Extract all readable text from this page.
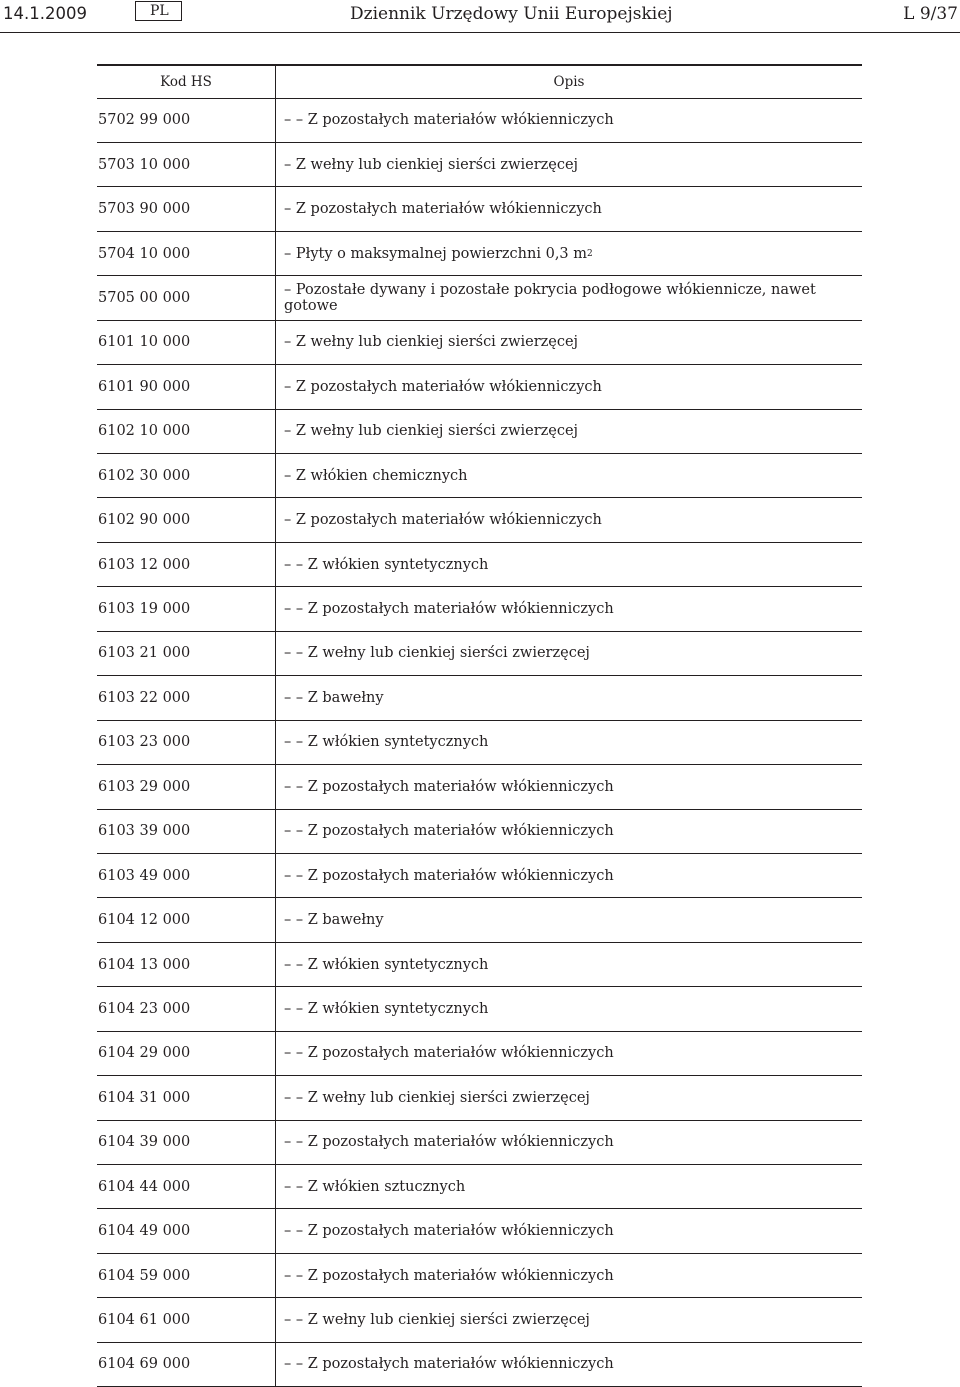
14.1.2009	PL	Dziennik Urzędowy Unii Europejskiej	L 9/37
Kod HS	Opis
5702 99 000	– – Z pozostałych materiałów włókienniczych
5703 10 000	– Z wełny lub cienkiej sierści zwierzęcej
5703 90 000	– Z pozostałych materiałów włókienniczych
5704 10 000	– Płyty o maksymalnej powierzchni 0,3 m 2
5705 00 000	– Pozostałe dywany i pozostałe pokrycia podłogowe włókiennicze, nawet gotowe
6101 10 000	– Z wełny lub cienkiej sierści zwierzęcej
6101 90 000	– Z pozostałych materiałów włókienniczych
6102 10 000	– Z wełny lub cienkiej sierści zwierzęcej
6102 30 000	– Z włókien chemicznych
6102 90 000	– Z pozostałych materiałów włókienniczych
6103 12 000	– – Z włókien syntetycznych
6103 19 000	– – Z pozostałych materiałów włókienniczych
6103 21 000	– – Z wełny lub cienkiej sierści zwierzęcej
6103 22 000	– – Z bawełny
6103 23 000	– – Z włókien syntetycznych
6103 29 000	– – Z pozostałych materiałów włókienniczych
6103 39 000	– – Z pozostałych materiałów włókienniczych
6103 49 000	– – Z pozostałych materiałów włókienniczych
6104 12 000	– – Z bawełny
6104 13 000	– – Z włókien syntetycznych
6104 23 000	– – Z włókien syntetycznych
6104 29 000	– – Z pozostałych materiałów włókienniczych
6104 31 000	– – Z wełny lub cienkiej sierści zwierzęcej
6104 39 000	– – Z pozostałych materiałów włókienniczych
6104 44 000	– – Z włókien sztucznych
6104 49 000	– – Z pozostałych materiałów włókienniczych
6104 59 000	– – Z pozostałych materiałów włókienniczych
6104 61 000	– – Z wełny lub cienkiej sierści zwierzęcej
6104 69 000	– – Z pozostałych materiałów włókienniczych
